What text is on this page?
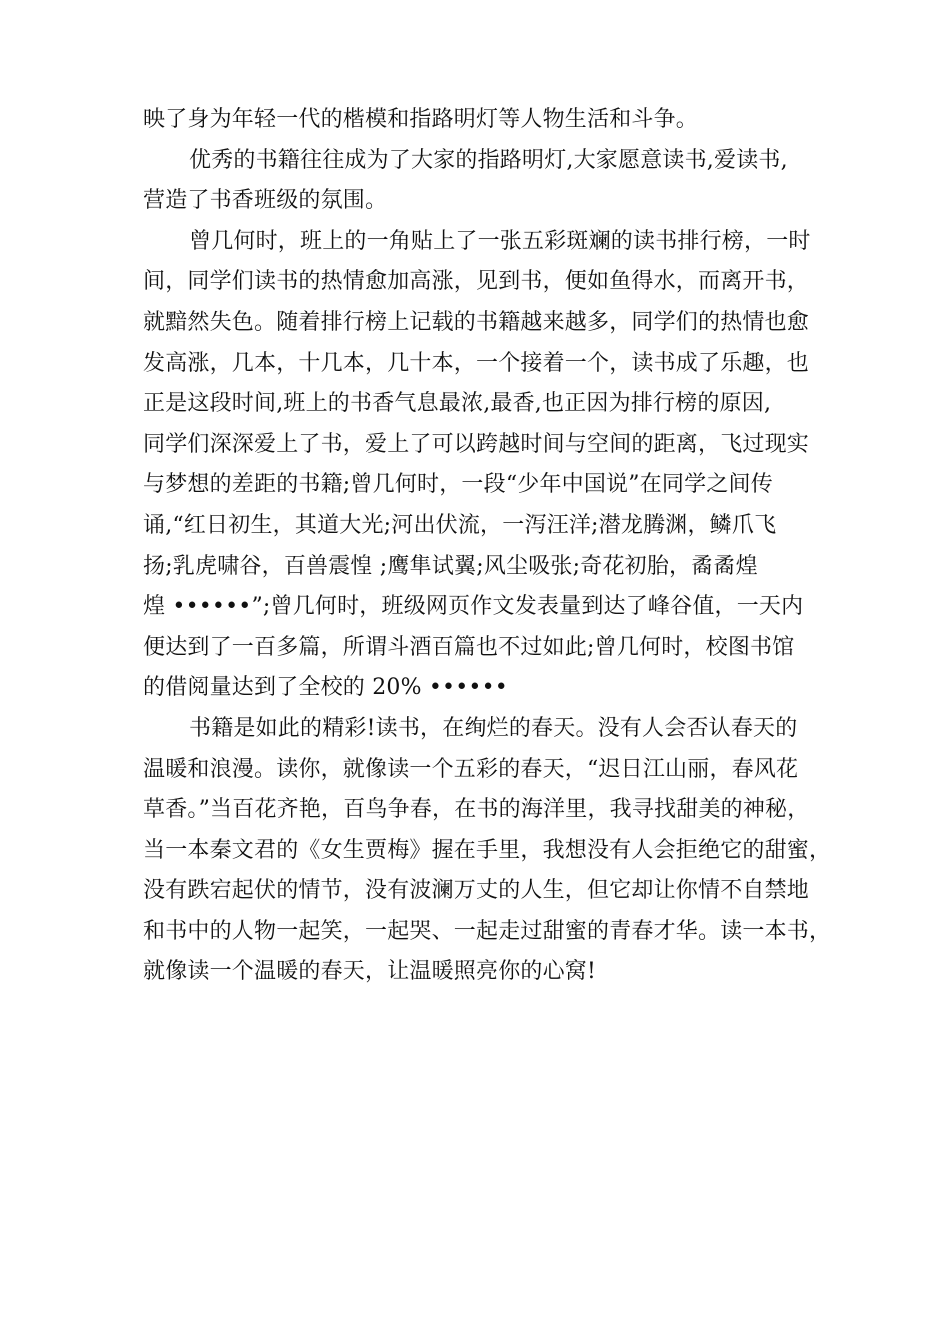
映了身为年轻一代的楷模和指路明灯等人物生活和斗争。
优秀的书籍往往成为了大家的指路明灯,大家愿意读书,爱读书,
营造了书香班级的氛围。
曾几何时，班上的一角贴上了一张五彩斑斓的读书排行榜，一时
间，同学们读书的热情愈加高涨，见到书，便如鱼得水，而离开书，
就黯然失色。随着排行榜上记载的书籍越来越多，同学们的热情也愈
发高涨，几本，十几本，几十本，一个接着一个，读书成了乐趣，也
正是这段时间,班上的书香气息最浓,最香,也正因为排行榜的原因,
同学们深深爱上了书，爱上了可以跨越时间与空间的距离，飞过现实
与梦想的差距的书籍;曾几何时，一段“少年中国说”在同学之间传
诵,“红日初生，其道大光;河出伏流，一泻汪洋;潜龙腾渊，鳞爪飞
扬;乳虎啸谷，百兽震惶 ;鹰隼试翼;风尘吸张;奇花初胎，矞矞煌
煌 ••••••”;曾几何时，班级网页作文发表量到达了峰谷值，一天内
便达到了一百多篇，所谓斗酒百篇也不过如此;曾几何时，校图书馆
的借阅量达到了全校的 20% ••••••
书籍是如此的精彩!读书，在绚烂的春天。没有人会否认春天的
温暖和浪漫。读你，就像读一个五彩的春天，“迟日江山丽，春风花
草香。”当百花齐艳，百鸟争春，在书的海洋里，我寻找甜美的神秘，
当一本秦文君的《女生贾梅》握在手里，我想没有人会拒绝它的甜蜜，
没有跌宕起伏的情节，没有波澜万丈的人生，但它却让你情不自禁地
和书中的人物一起笑，一起哭、一起走过甜蜜的青春才华。读一本书，
就像读一个温暖的春天，让温暖照亮你的心窝!
